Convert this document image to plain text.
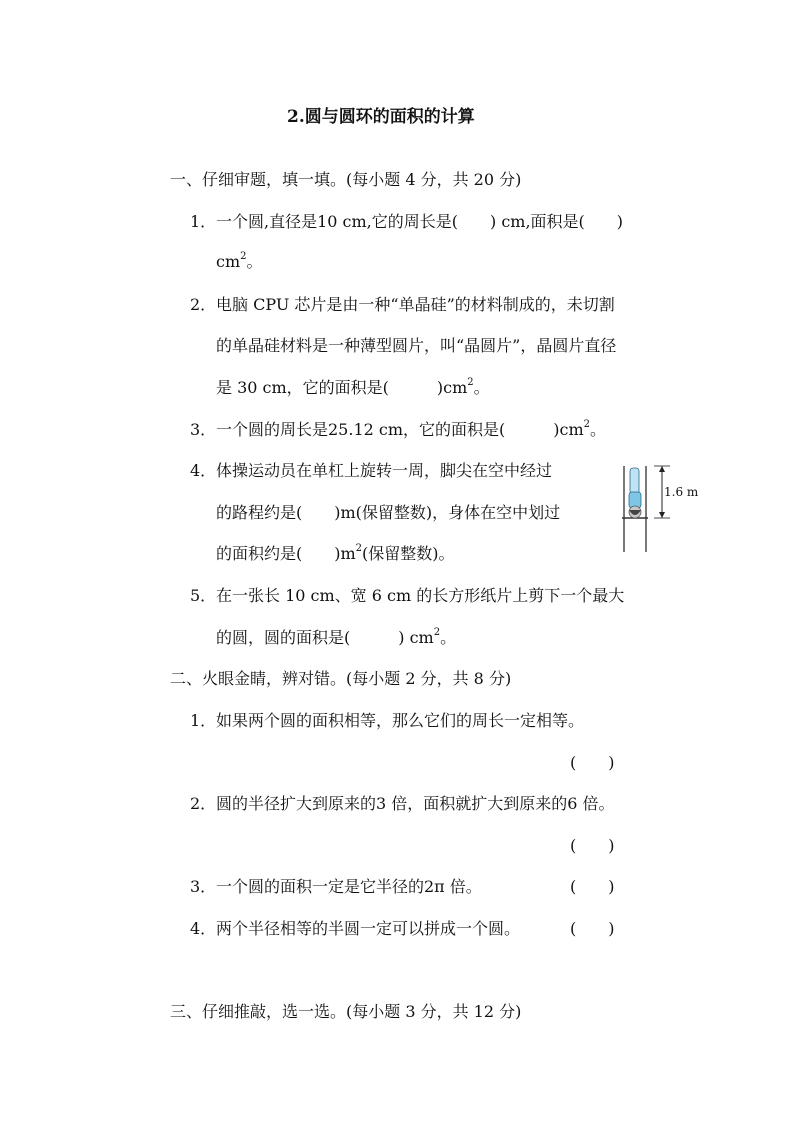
2.圆与圆环的面积的计算
一、仔细审题，填一填。(每小题 4 分，共 20 分)
1．一个圆,直径是10 cm,它的周长是(　　) cm,面积是(　　)
$cm^2$。
2．电脑 CPU 芯片是由一种“单晶硅”的材料制成的，未切割
的单晶硅材料是一种薄型圆片，叫“晶圆片”，晶圆片直径
是 30 cm，它的面积是(　　　)$cm^2$。
3．一个圆的周长是25.12 cm，它的面积是(　　　)$cm^2$。
4．体操运动员在单杠上旋转一周，脚尖在空中经过
的路程约是(　　)m(保留整数)，身体在空中划过
的面积约是(　　)$m^2$(保留整数)。
1.6 m
5．在一张长 10 cm、宽 6 cm 的长方形纸片上剪下一个最大
的圆，圆的面积是(　　　) $cm^2$。
二、火眼金睛，辨对错。(每小题 2 分，共 8 分)
1．如果两个圆的面积相等，那么它们的周长一定相等。
(　　)
2．圆的半径扩大到原来的3 倍，面积就扩大到原来的6 倍。
(　　)
3．一个圆的面积一定是它半径的2π 倍。	(　　)
4．两个半径相等的半圆一定可以拼成一个圆。	(　　)
三、仔细推敲，选一选。(每小题 3 分，共 12 分)
